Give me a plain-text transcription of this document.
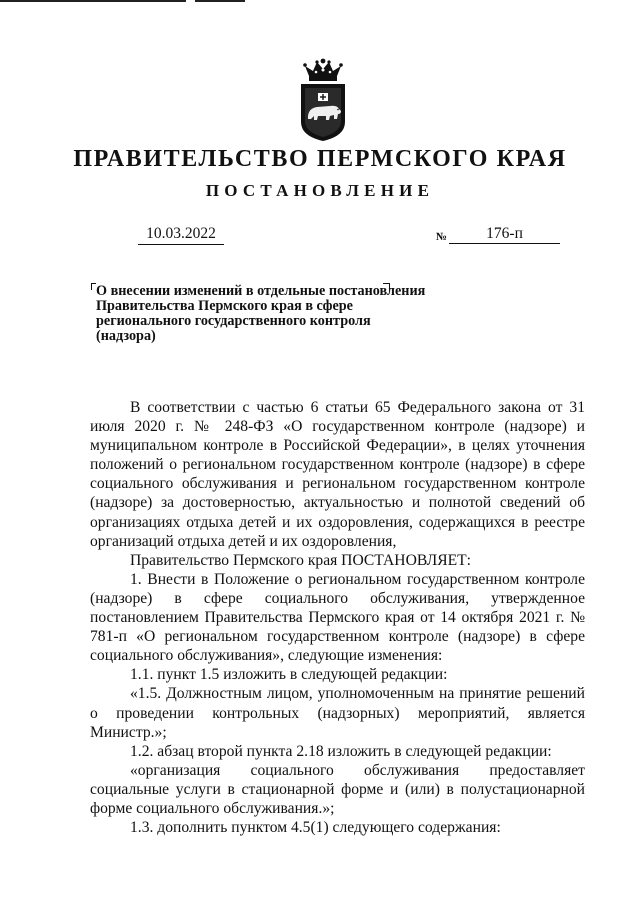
ПРАВИТЕЛЬСТВО ПЕРМСКОГО КРАЯ
ПОСТАНОВЛЕНИЕ
10.03.2022	№	176-п
О внесении изменений в отдельные постановления Правительства Пермского края в сфере регионального государственного контроля (надзора)

В соответствии с частью 6 статьи 65 Федерального закона от 31 июля 2020 г. № 248-ФЗ «О государственном контроле (надзоре) и муниципальном контроле в Российской Федерации», в целях уточнения положений о региональном государственном контроле (надзоре) в сфере социального обслуживания и региональном государственном контроле (надзоре) за достоверностью, актуальностью и полнотой сведений об организациях отдыха детей и их оздоровления, содержащихся в реестре организаций отдыха детей и их оздоровления,

Правительство Пермского края ПОСТАНОВЛЯЕТ:

1. Внести в Положение о региональном государственном контроле (надзоре) в сфере социального обслуживания, утвержденное постановлением Правительства Пермского края от 14 октября 2021 г. № 781-п «О региональном государственном контроле (надзоре) в сфере социального обслуживания», следующие изменения:

1.1. пункт 1.5 изложить в следующей редакции:

«1.5. Должностным лицом, уполномоченным на принятие решений о проведении контрольных (надзорных) мероприятий, является Министр.»;

1.2. абзац второй пункта 2.18 изложить в следующей редакции:

«организация социального обслуживания предоставляет социальные услуги в стационарной форме и (или) в полустационарной форме социального обслуживания.»;

1.3. дополнить пунктом 4.5(1) следующего содержания:
